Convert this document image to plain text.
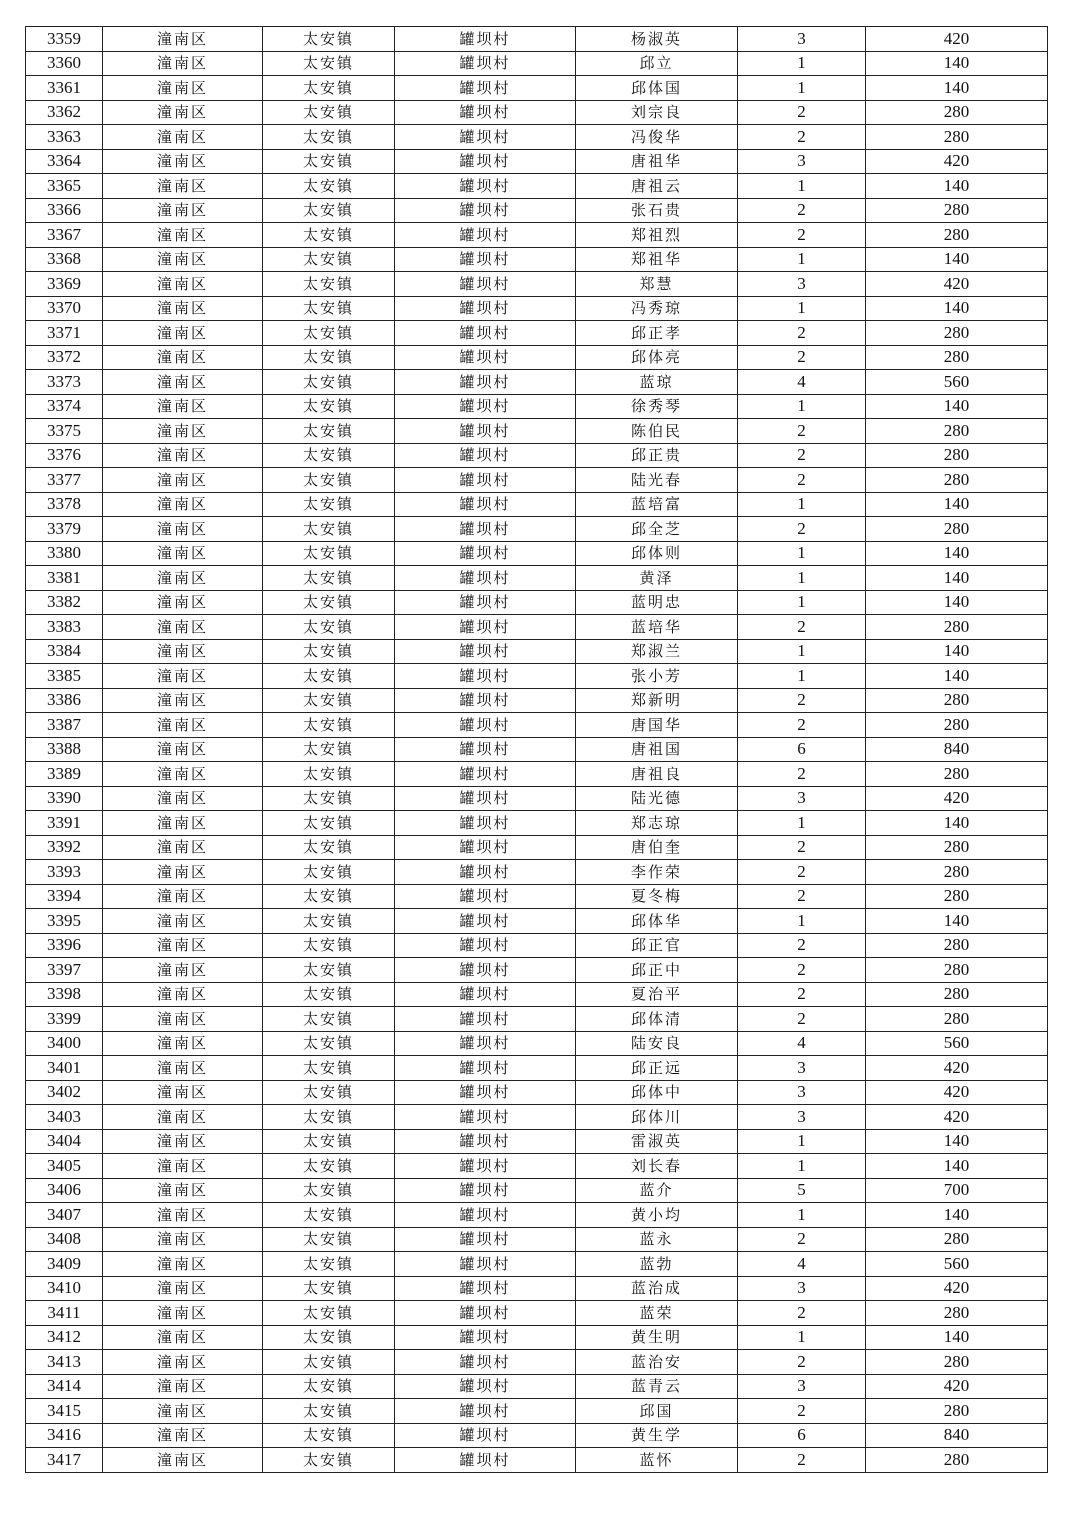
3359	潼南区	太安镇	罐坝村	杨淑英	3	420
3360	潼南区	太安镇	罐坝村	邱立	1	140
3361	潼南区	太安镇	罐坝村	邱体国	1	140
3362	潼南区	太安镇	罐坝村	刘宗良	2	280
3363	潼南区	太安镇	罐坝村	冯俊华	2	280
3364	潼南区	太安镇	罐坝村	唐祖华	3	420
3365	潼南区	太安镇	罐坝村	唐祖云	1	140
3366	潼南区	太安镇	罐坝村	张石贵	2	280
3367	潼南区	太安镇	罐坝村	郑祖烈	2	280
3368	潼南区	太安镇	罐坝村	郑祖华	1	140
3369	潼南区	太安镇	罐坝村	郑慧	3	420
3370	潼南区	太安镇	罐坝村	冯秀琼	1	140
3371	潼南区	太安镇	罐坝村	邱正孝	2	280
3372	潼南区	太安镇	罐坝村	邱体亮	2	280
3373	潼南区	太安镇	罐坝村	蓝琼	4	560
3374	潼南区	太安镇	罐坝村	徐秀琴	1	140
3375	潼南区	太安镇	罐坝村	陈伯民	2	280
3376	潼南区	太安镇	罐坝村	邱正贵	2	280
3377	潼南区	太安镇	罐坝村	陆光春	2	280
3378	潼南区	太安镇	罐坝村	蓝培富	1	140
3379	潼南区	太安镇	罐坝村	邱全芝	2	280
3380	潼南区	太安镇	罐坝村	邱体则	1	140
3381	潼南区	太安镇	罐坝村	黄泽	1	140
3382	潼南区	太安镇	罐坝村	蓝明忠	1	140
3383	潼南区	太安镇	罐坝村	蓝培华	2	280
3384	潼南区	太安镇	罐坝村	郑淑兰	1	140
3385	潼南区	太安镇	罐坝村	张小芳	1	140
3386	潼南区	太安镇	罐坝村	郑新明	2	280
3387	潼南区	太安镇	罐坝村	唐国华	2	280
3388	潼南区	太安镇	罐坝村	唐祖国	6	840
3389	潼南区	太安镇	罐坝村	唐祖良	2	280
3390	潼南区	太安镇	罐坝村	陆光德	3	420
3391	潼南区	太安镇	罐坝村	郑志琼	1	140
3392	潼南区	太安镇	罐坝村	唐伯奎	2	280
3393	潼南区	太安镇	罐坝村	李作荣	2	280
3394	潼南区	太安镇	罐坝村	夏冬梅	2	280
3395	潼南区	太安镇	罐坝村	邱体华	1	140
3396	潼南区	太安镇	罐坝村	邱正官	2	280
3397	潼南区	太安镇	罐坝村	邱正中	2	280
3398	潼南区	太安镇	罐坝村	夏治平	2	280
3399	潼南区	太安镇	罐坝村	邱体清	2	280
3400	潼南区	太安镇	罐坝村	陆安良	4	560
3401	潼南区	太安镇	罐坝村	邱正远	3	420
3402	潼南区	太安镇	罐坝村	邱体中	3	420
3403	潼南区	太安镇	罐坝村	邱体川	3	420
3404	潼南区	太安镇	罐坝村	雷淑英	1	140
3405	潼南区	太安镇	罐坝村	刘长春	1	140
3406	潼南区	太安镇	罐坝村	蓝介	5	700
3407	潼南区	太安镇	罐坝村	黄小均	1	140
3408	潼南区	太安镇	罐坝村	蓝永	2	280
3409	潼南区	太安镇	罐坝村	蓝勃	4	560
3410	潼南区	太安镇	罐坝村	蓝治成	3	420
3411	潼南区	太安镇	罐坝村	蓝荣	2	280
3412	潼南区	太安镇	罐坝村	黄生明	1	140
3413	潼南区	太安镇	罐坝村	蓝治安	2	280
3414	潼南区	太安镇	罐坝村	蓝青云	3	420
3415	潼南区	太安镇	罐坝村	邱国	2	280
3416	潼南区	太安镇	罐坝村	黄生学	6	840
3417	潼南区	太安镇	罐坝村	蓝怀	2	280
